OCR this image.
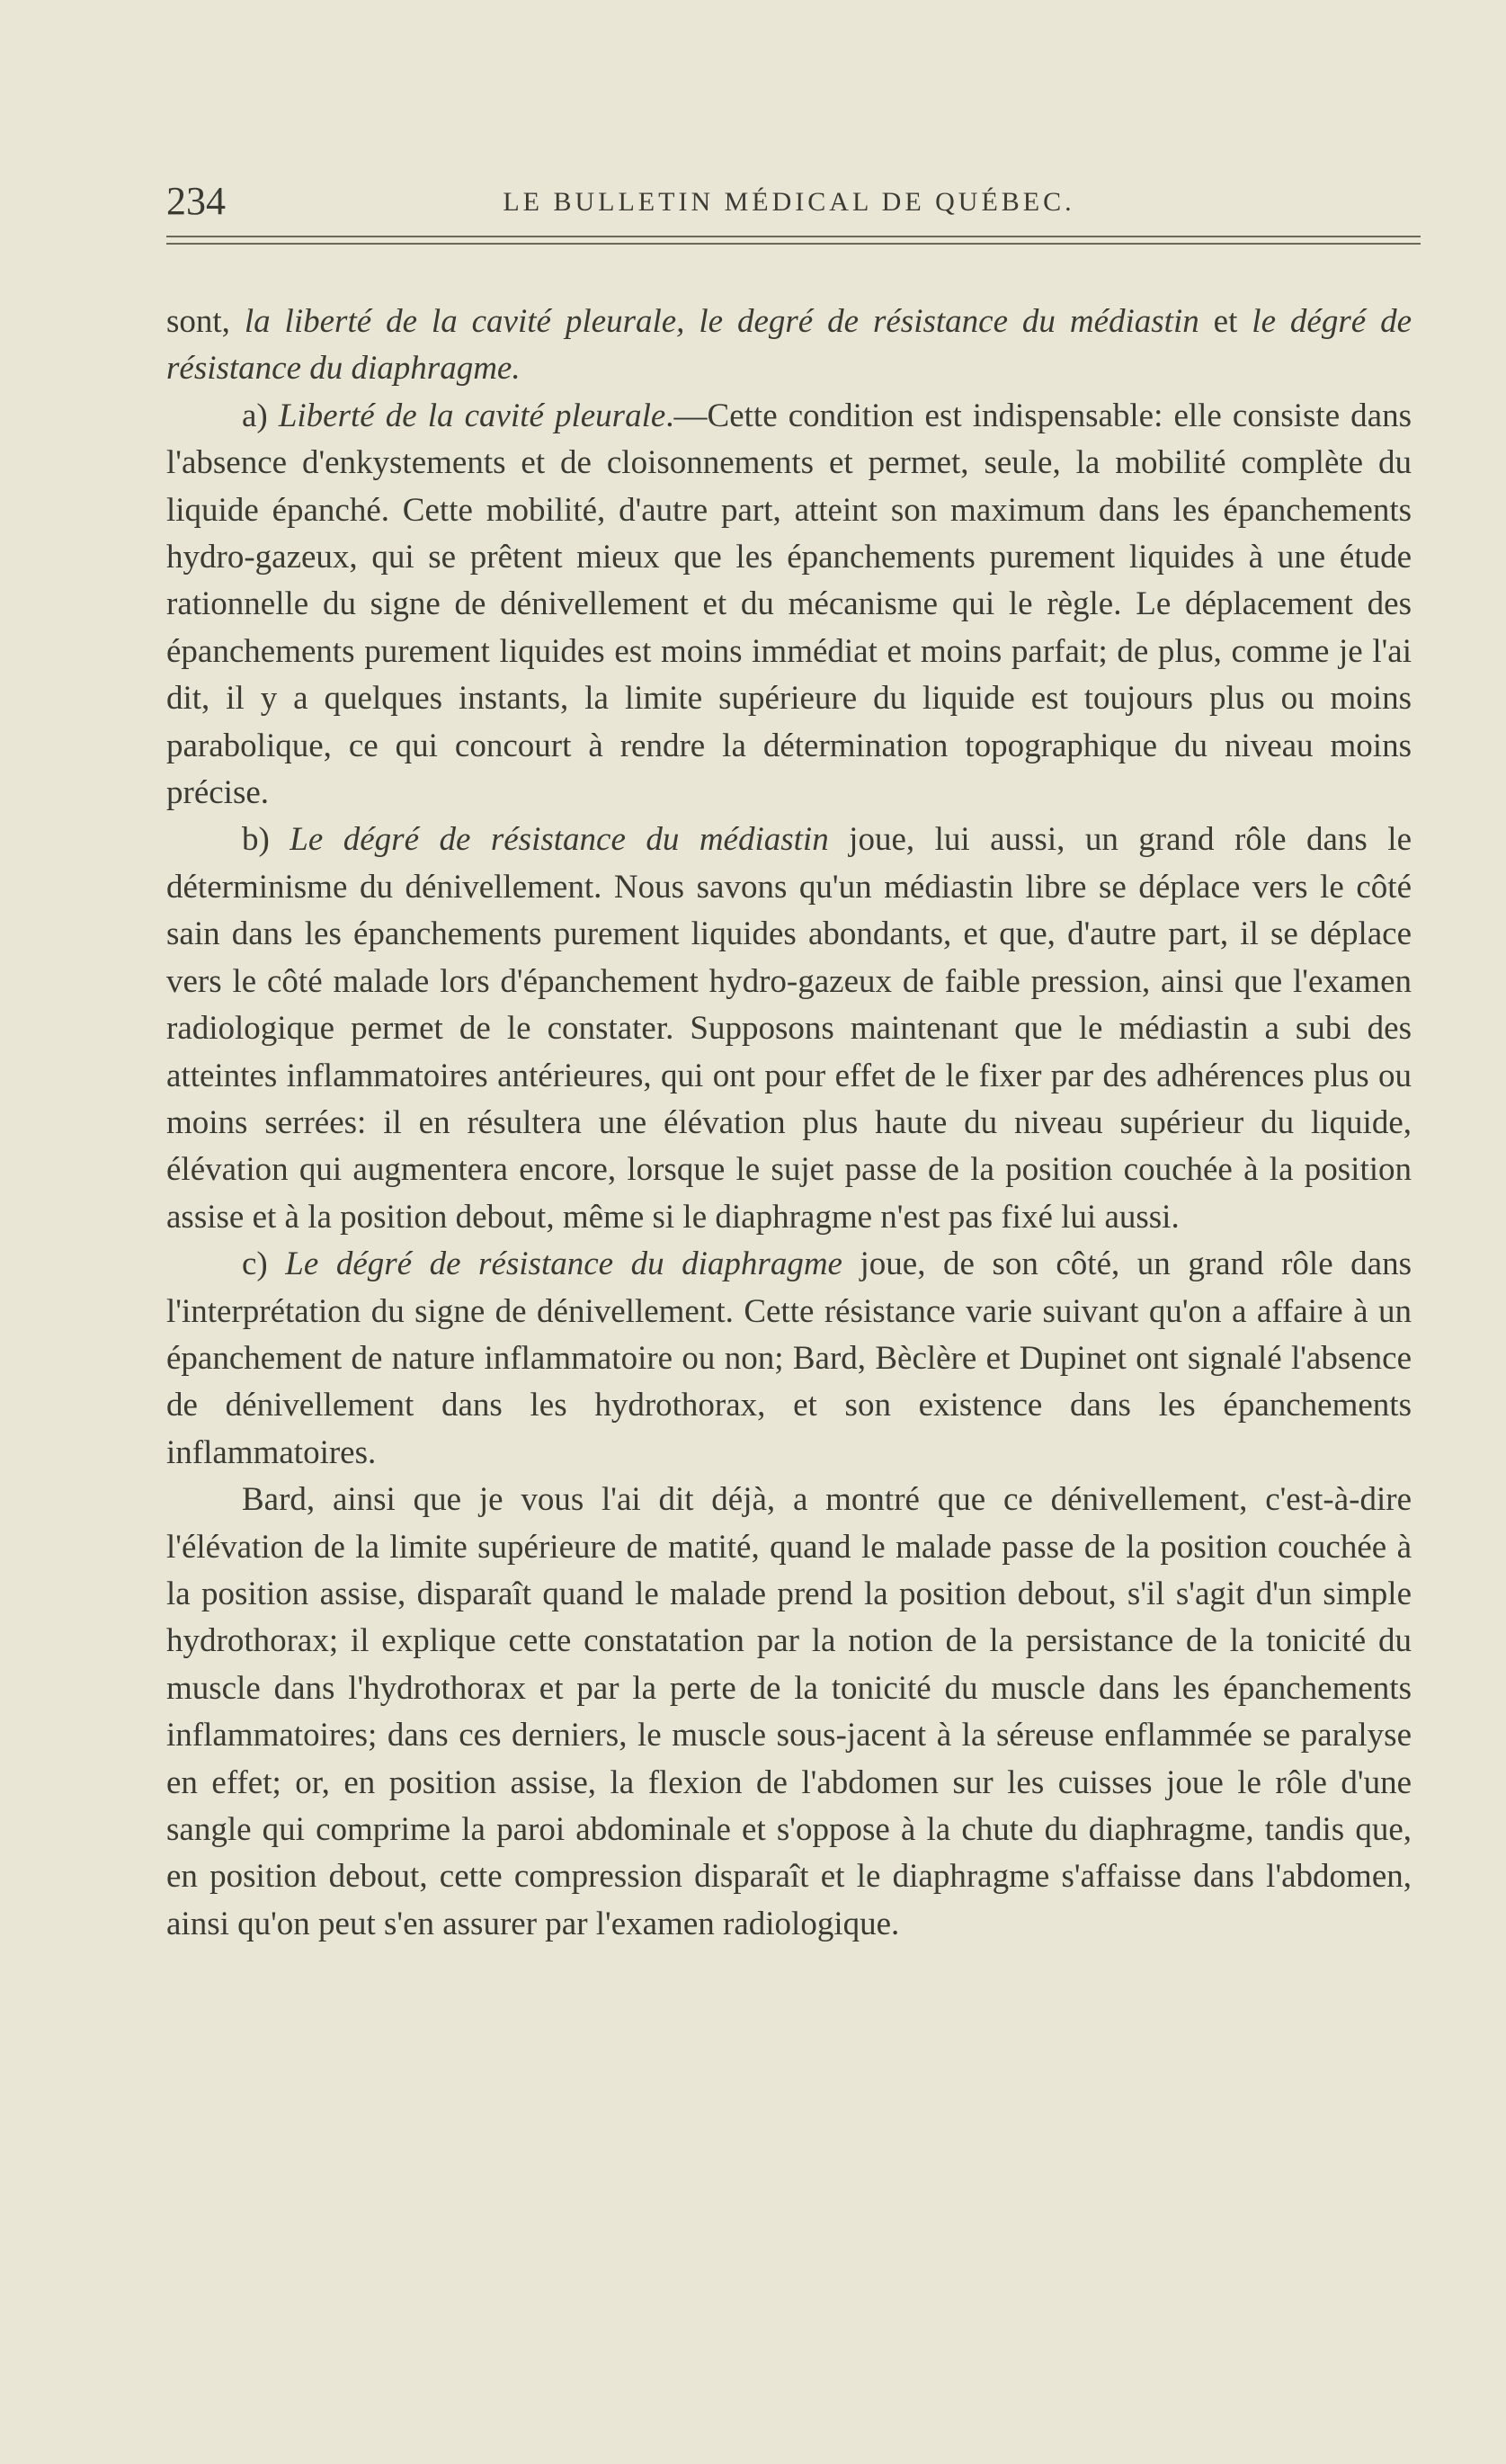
234	LE BULLETIN MÉDICAL DE QUÉBEC.

sont, la liberté de la cavité pleurale, le degré de résistance du médiastin et le dégré de résistance du diaphragme.

a) Liberté de la cavité pleurale.—Cette condition est indispensable: elle consiste dans l'absence d'enkystements et de cloisonnements et permet, seule, la mobilité complète du liquide épanché. Cette mobilité, d'autre part, atteint son maximum dans les épanchements hydro-gazeux, qui se prêtent mieux que les épanchements purement liquides à une étude rationnelle du signe de dénivellement et du mécanisme qui le règle. Le déplacement des épanchements purement liquides est moins immédiat et moins parfait; de plus, comme je l'ai dit, il y a quelques instants, la limite supérieure du liquide est toujours plus ou moins parabolique, ce qui concourt à rendre la détermination topographique du niveau moins précise.

b) Le dégré de résistance du médiastin joue, lui aussi, un grand rôle dans le déterminisme du dénivellement. Nous savons qu'un médiastin libre se déplace vers le côté sain dans les épanchements purement liquides abondants, et que, d'autre part, il se déplace vers le côté malade lors d'épanchement hydro-gazeux de faible pression, ainsi que l'examen radiologique permet de le constater. Supposons maintenant que le médiastin a subi des atteintes inflammatoires antérieures, qui ont pour effet de le fixer par des adhérences plus ou moins serrées: il en résultera une élévation plus haute du niveau supérieur du liquide, élévation qui augmentera encore, lorsque le sujet passe de la position couchée à la position assise et à la position debout, même si le diaphragme n'est pas fixé lui aussi.

c) Le dégré de résistance du diaphragme joue, de son côté, un grand rôle dans l'interprétation du signe de dénivellement. Cette résistance varie suivant qu'on a affaire à un épanchement de nature inflammatoire ou non; Bard, Bèclère et Dupinet ont signalé l'absence de dénivellement dans les hydrothorax, et son existence dans les épanchements inflammatoires.

Bard, ainsi que je vous l'ai dit déjà, a montré que ce dénivellement, c'est-à-dire l'élévation de la limite supérieure de matité, quand le malade passe de la position couchée à la position assise, disparaît quand le malade prend la position debout, s'il s'agit d'un simple hydrothorax; il explique cette constatation par la notion de la persistance de la tonicité du muscle dans l'hydrothorax et par la perte de la tonicité du muscle dans les épanchements inflammatoires; dans ces derniers, le muscle sous-jacent à la séreuse enflammée se paralyse en effet; or, en position assise, la flexion de l'abdomen sur les cuisses joue le rôle d'une sangle qui comprime la paroi abdominale et s'oppose à la chute du diaphragme, tandis que, en position debout, cette compression disparaît et le diaphragme s'affaisse dans l'abdomen, ainsi qu'on peut s'en assurer par l'examen radiologique.
